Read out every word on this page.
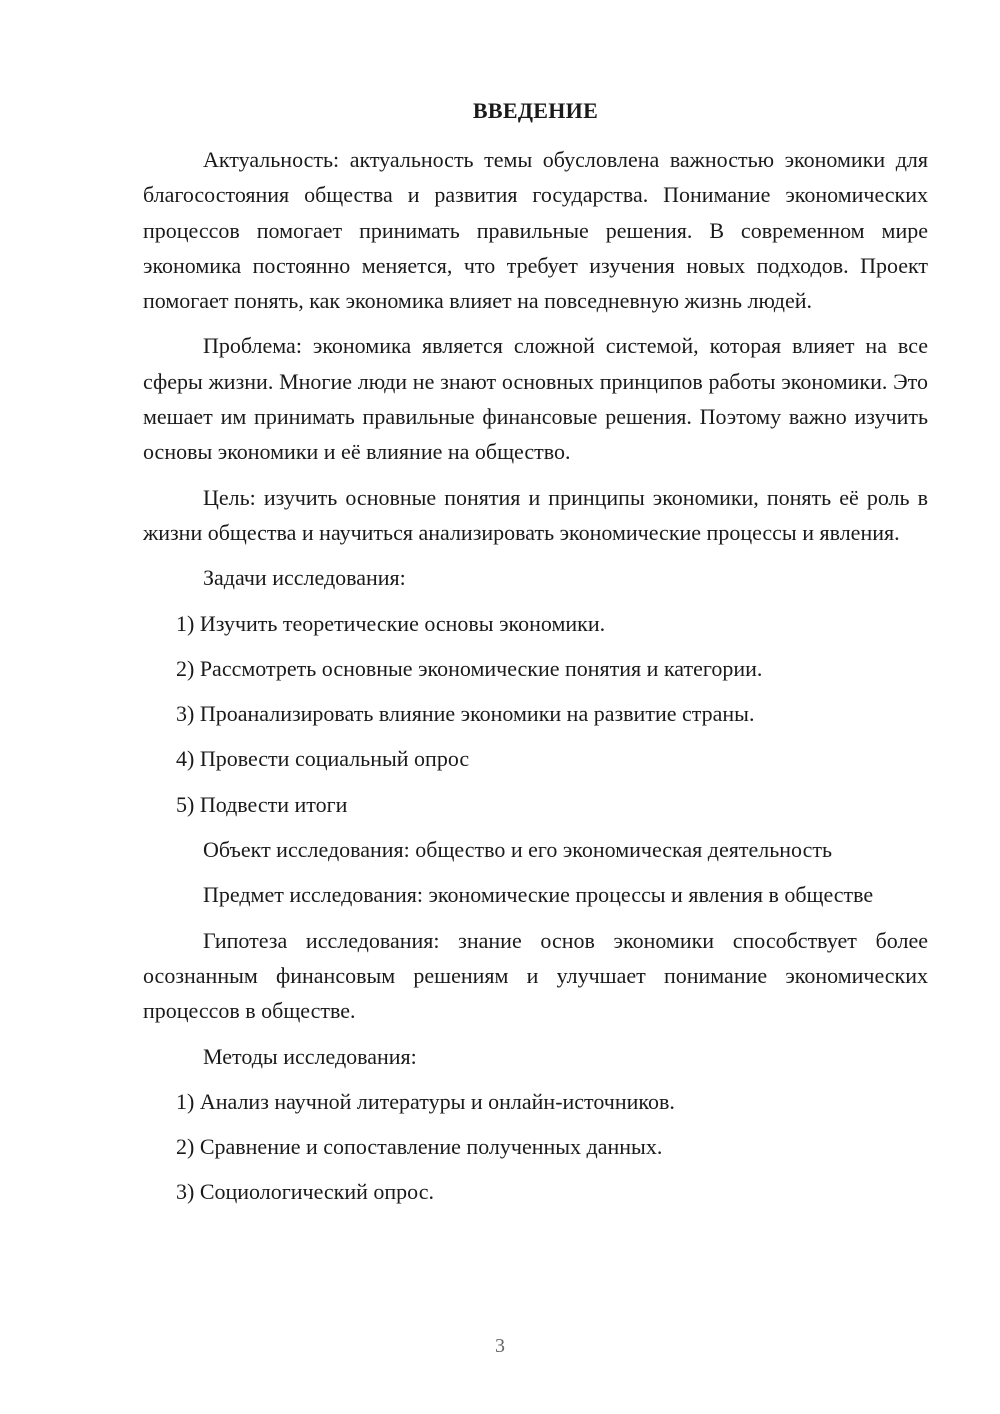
ВВЕДЕНИЕ

Актуальность: актуальность темы обусловлена важностью экономики для благосостояния общества и развития государства. Понимание экономических процессов помогает принимать правильные решения. В современном мире экономика постоянно меняется, что требует изучения новых подходов. Проект помогает понять, как экономика влияет на повседневную жизнь людей.

Проблема: экономика является сложной системой, которая влияет на все сферы жизни. Многие люди не знают основных принципов работы экономики. Это мешает им принимать правильные финансовые решения. Поэтому важно изучить основы экономики и её влияние на общество.

Цель: изучить основные понятия и принципы экономики, понять её роль в жизни общества и научиться анализировать экономические процессы и явления.

Задачи исследования:

1) Изучить теоретические основы экономики.
2) Рассмотреть основные экономические понятия и категории.
3) Проанализировать влияние экономики на развитие страны.
4) Провести социальный опрос
5) Подвести итоги

Объект исследования: общество и его экономическая деятельность

Предмет исследования: экономические процессы и явления в обществе

Гипотеза исследования: знание основ экономики способствует более осознанным финансовым решениям и улучшает понимание экономических процессов в обществе.

Методы исследования:

1) Анализ научной литературы и онлайн-источников.
2) Сравнение и сопоставление полученных данных.
3) Социологический опрос.
3
